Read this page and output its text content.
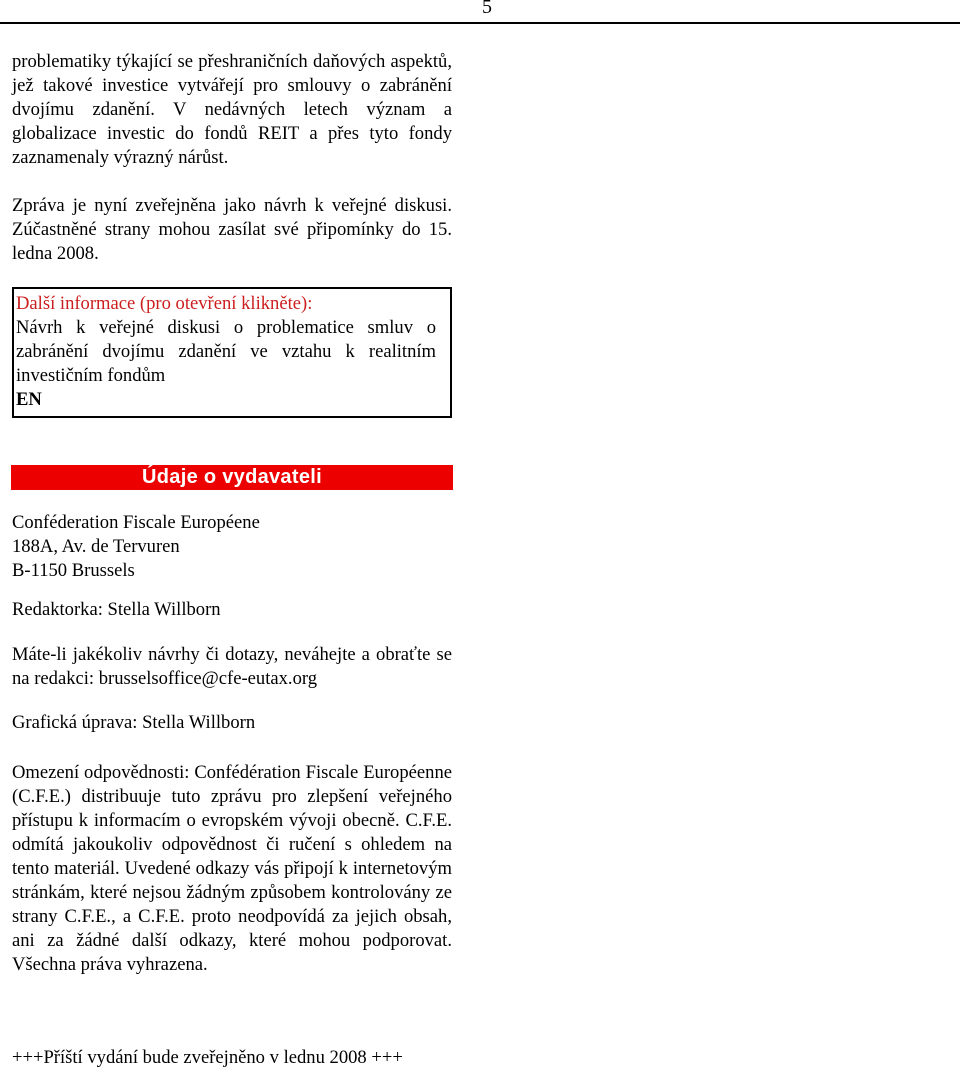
5

problematiky týkající se přeshraničních daňových aspektů, jež takové investice vytvářejí pro smlouvy o zabránění dvojímu zdanění. V nedávných letech význam a globalizace investic do fondů REIT a přes tyto fondy zaznamenaly výrazný nárůst.

Zpráva je nyní zveřejněna jako návrh k veřejné diskusi. Zúčastněné strany mohou zasílat své připomínky do 15. ledna 2008.

Další informace (pro otevření klikněte):

Návrh k veřejné diskusi o problematice smluv o zabránění dvojímu zdanění ve vztahu k realitním investičním fondům
EN
Údaje o vydavateli

Conféderation Fiscale Européene
188A, Av. de Tervuren
B-1150 Brussels

Redaktorka: Stella Willborn

Máte-li jakékoliv návrhy či dotazy, neváhejte a obraťte se na redakci: brusselsoffice@cfe-eutax.org

Grafická úprava: Stella Willborn

Omezení odpovědnosti: Confédération Fiscale Européenne (C.F.E.) distribuuje tuto zprávu pro zlepšení veřejného přístupu k informacím o evropském vývoji obecně. C.F.E. odmítá jakoukoliv odpovědnost či ručení s ohledem na tento materiál. Uvedené odkazy vás připojí k internetovým stránkám, které nejsou žádným způsobem kontrolovány ze strany C.F.E., a C.F.E. proto neodpovídá za jejich obsah, ani za žádné další odkazy, které mohou podporovat. Všechna práva vyhrazena.

+++Příští vydání bude zveřejněno v lednu 2008 +++
